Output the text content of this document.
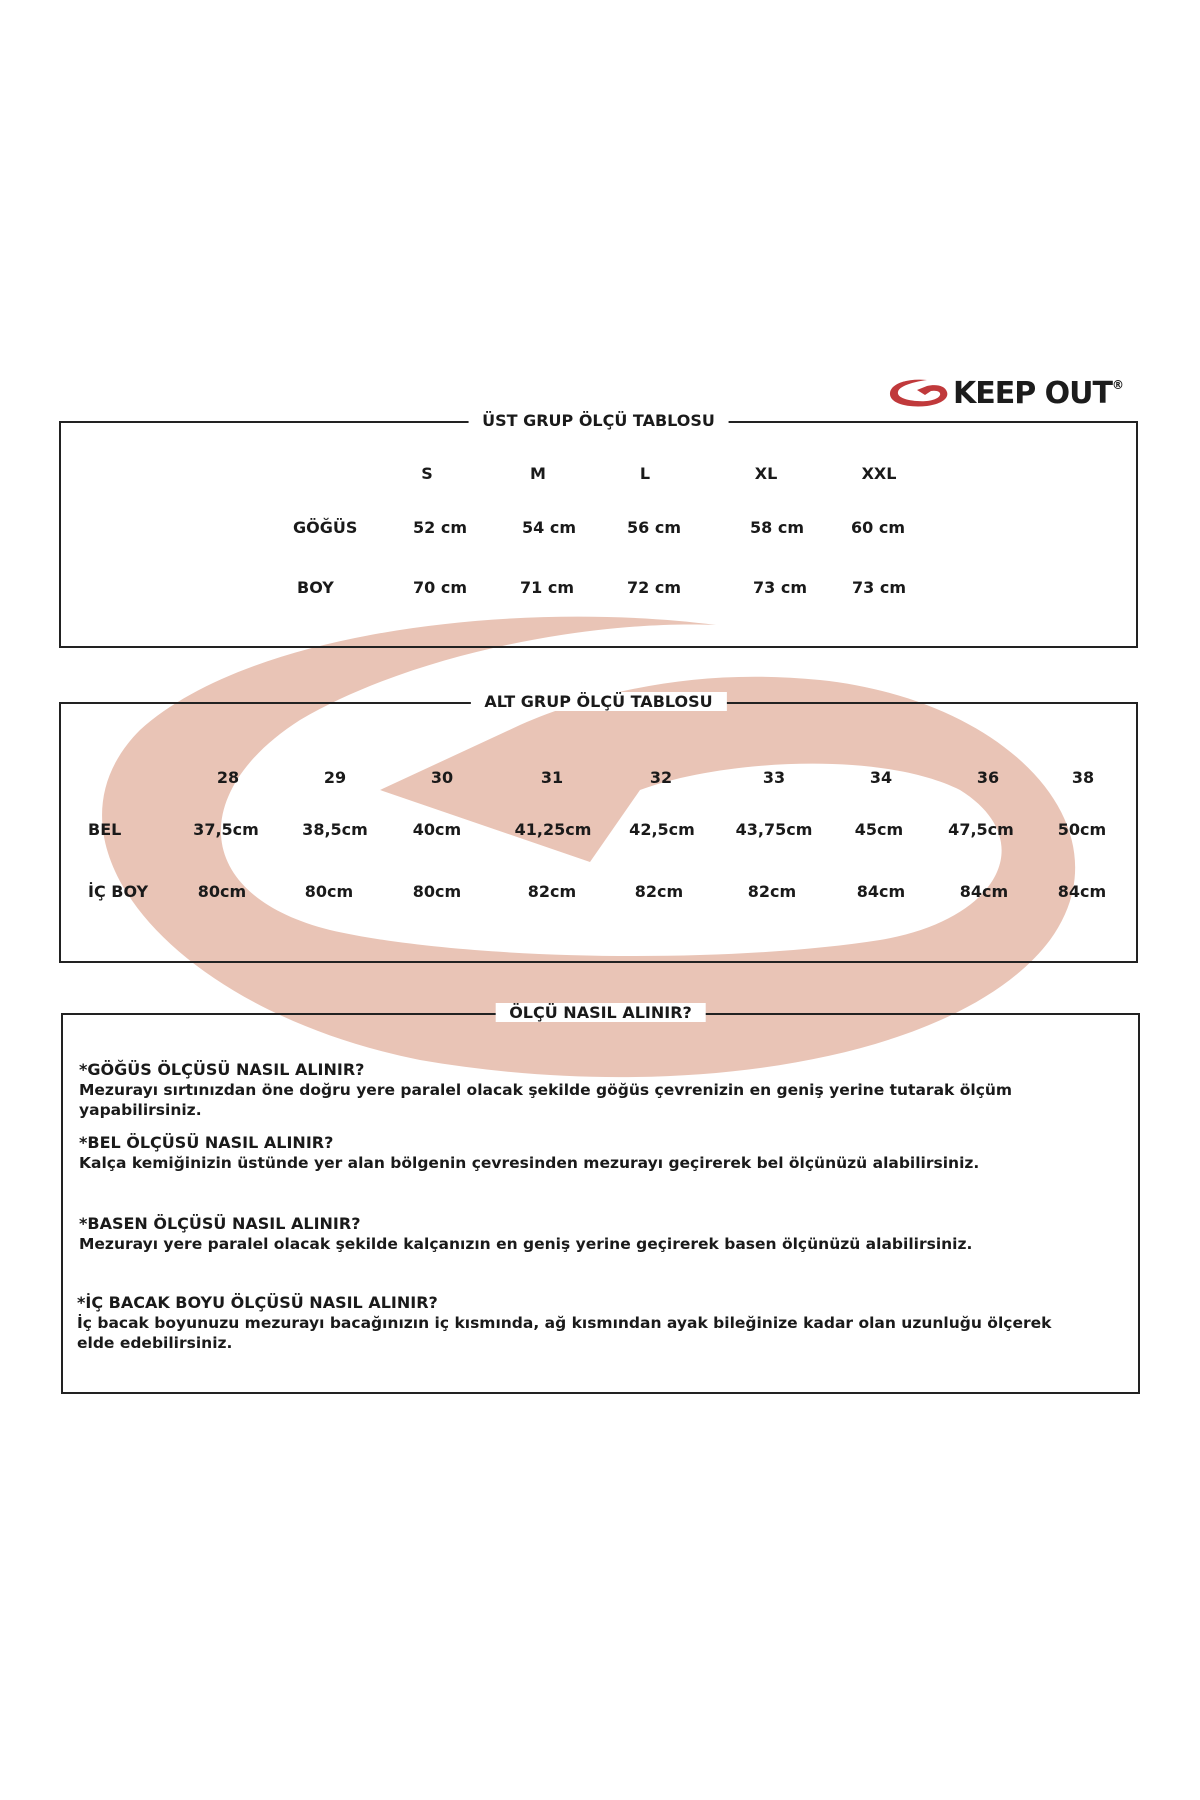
KEEP OUT ®
ÜST GRUP ÖLÇÜ TABLOSU
S	M	L	XL	XXL
GÖĞÜS	52 cm	54 cm	56 cm	58 cm	60 cm
BOY	70 cm	71 cm	72 cm	73 cm	73 cm
ALT GRUP ÖLÇÜ TABLOSU
28	29	30	31	32	33	34	36	38
BEL	37,5cm	38,5cm	40cm	41,25cm 42,5cm	43,75cm	45cm	47,5cm	50cm
İÇ BOY	80cm	80cm	80cm	82cm	82cm	82cm	84cm	84cm	84cm
ÖLÇÜ NASIL ALINIR?
*GÖĞÜS ÖLÇÜSÜ NASIL ALINIR?
Mezurayı sırtınızdan öne doğru yere paralel olacak şekilde göğüs çevrenizin en geniş yerine tutarak ölçüm yapabilirsiniz.
*BEL ÖLÇÜSÜ NASIL ALINIR?
Kalça kemiğinizin üstünde yer alan bölgenin çevresinden mezurayı geçirerek bel ölçünüzü alabilirsiniz.
*BASEN ÖLÇÜSÜ NASIL ALINIR?
Mezurayı yere paralel olacak şekilde kalçanızın en geniş yerine geçirerek basen ölçünüzü alabilirsiniz.
*İÇ BACAK BOYU ÖLÇÜSÜ NASIL ALINIR?
İç bacak boyunuzu mezurayı bacağınızın iç kısmında, ağ kısmından ayak bileğinize kadar olan uzunluğu ölçerek elde edebilirsiniz.
